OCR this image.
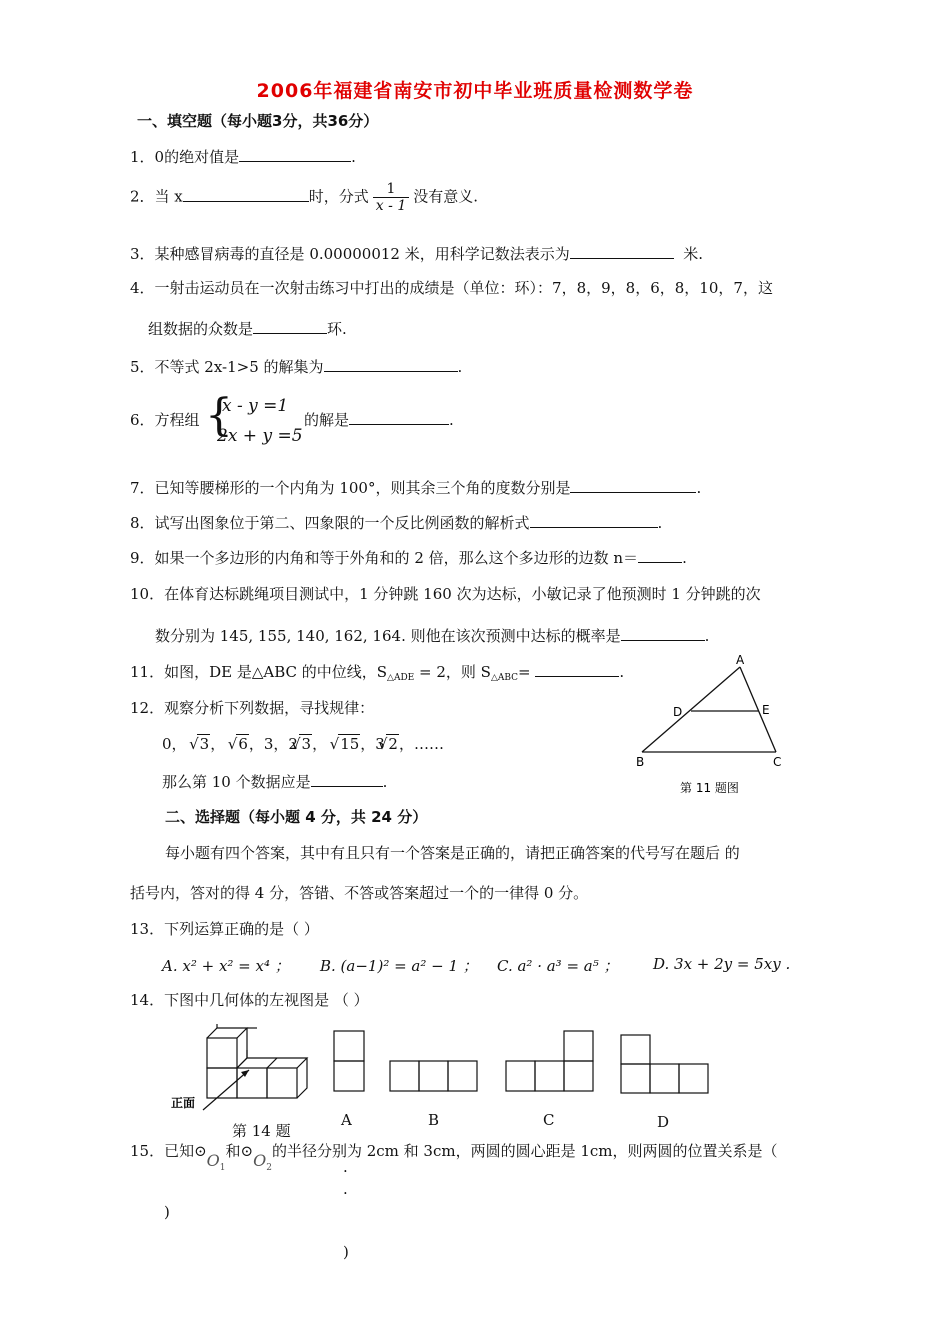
2006年福建省南安市初中毕业班质量检测数学卷
一、填空题（每小题3分，共36分）
1．0的绝对值是	.
2．当 x	时，分式 $\frac{1}{x - 1}$ 没有意义.
3．某种感冒病毒的直径是 0.00000012 米，用科学记数法表示为	米.
4．一射击运动员在一次射击练习中打出的成绩是（单位：环）：7，8，9，8，6，8，10，7，这
组数据的众数是	环.
5．不等式 2x-1>5 的解集为	.
6．方程组 {
x - y =1
2x + y =5
的解是	.
7．已知等腰梯形的一个内角为 100°，则其余三个角的度数分别是	.
8．试写出图象位于第二、四象限的一个反比例函数的解析式	.
9．如果一个多边形的内角和等于外角和的 2 倍，那么这个多边形的边数 n＝	.
10．在体育达标跳绳项目测试中，1 分钟跳 160 次为达标，小敏记录了他预测时 1 分钟跳的次
数分别为 145, 155, 140, 162, 164. 则他在该次预测中达标的概率是	.
11．如图，DE 是△ABC 的中位线，$S_{\triangle ADE} = 2$，则 $S_{\triangle ABC}=$	.
12．观察分析下列数据，寻找规律：
0， √ 3， √ 6，3，2 √ 3， √ 15，3 √ 2，……
那么第 10 个数据应是	.
A
D	E
B	C
第 11 题图
二、选择题（每小题 4 分，共 24 分）
每小题有四个答案，其中有且只有一个答案是正确的，请把正确答案的代号写在题后 的
括号内，答对的得 4 分，答错、不答或答案超过一个的一律得 0 分。
13．下列运算正确的是（ ）
A. x² + x² = x⁴ ； B. (a−1)² = a² − 1 ； C. a² · a³ = a⁵ ； D. 3x + 2y = 5xy .
14．下图中几何体的左视图是 （ ）
正面
A	B	C	D
第 14 题
15．已知$⊙O_1$和$⊙O_2$的半径分别为 2cm 和 3cm，两圆的圆心距是 1cm，则两圆的位置关系是（
.
.
)
)
